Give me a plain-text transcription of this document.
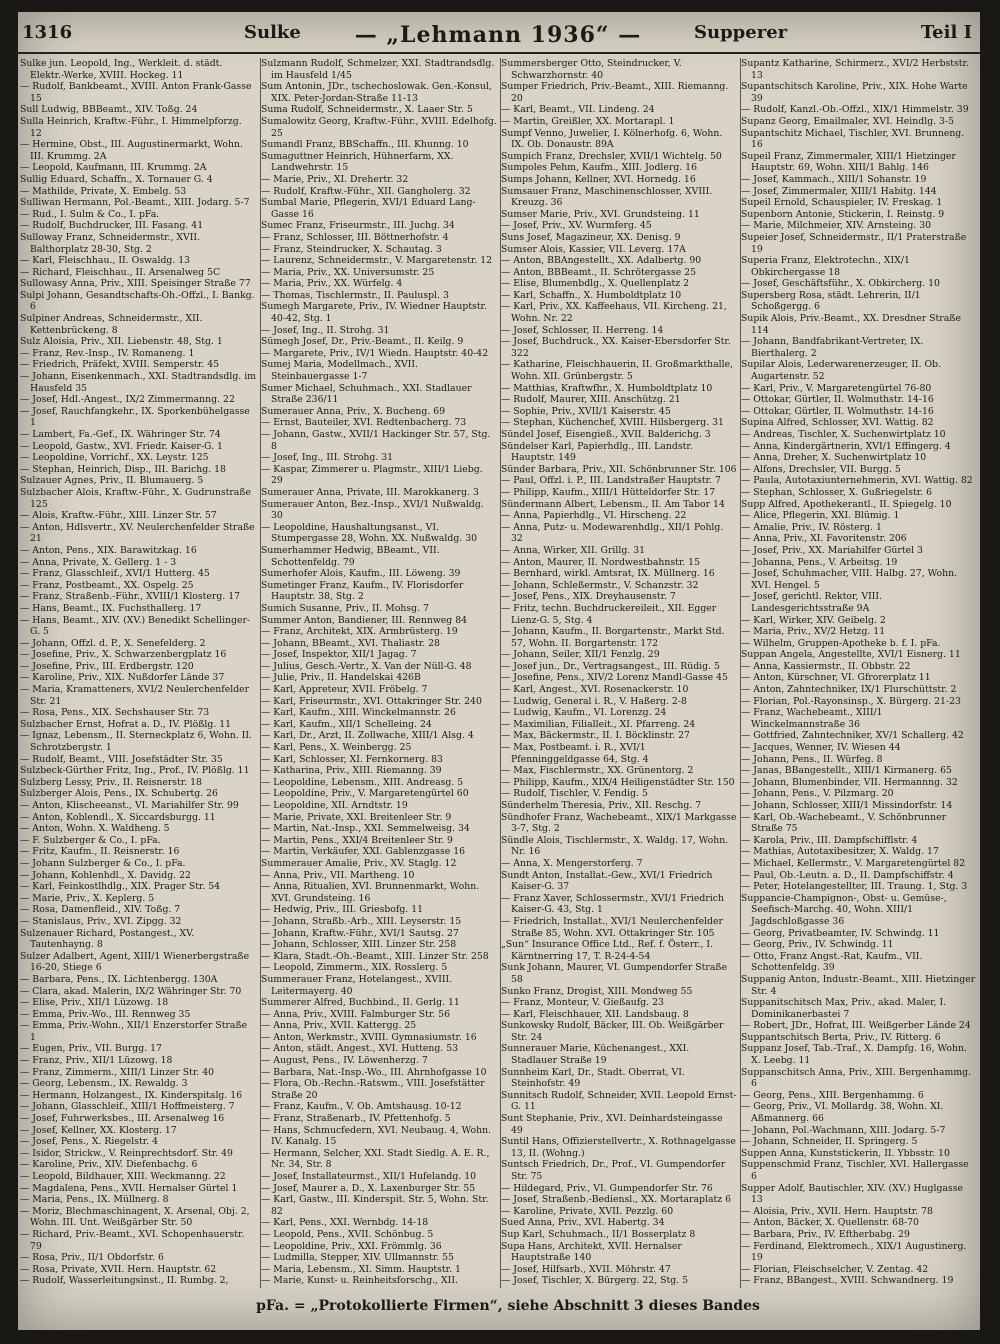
1316	Sulke	— „Lehmann 1936“ —	Supperer	Teil I
Sulke jun. Leopold, Ing., Werkleit. d. städt. Elektr.-Werke, XVIII. Hockeg. 11
— Rudolf, Bankbeamt., XVIII. Anton Frank-Gasse 15
Sull Ludwig, BBBeamt., XIV. Toßg. 24
Sulla Heinrich, Kraftw.-Führ., I. Himmelpforzg. 12
— Hermine, Obst., III. Augustinermarkt, Wohn. III. Krummg. 2A
— Leopold, Kaufmann, III. Krummg. 2A
Sullig Eduard, Schaffn., X. Tornauer G. 4
— Mathilde, Private, X. Embelg. 53
Sulliwan Hermann, Pol.-Beamt., XIII. Jodarg. 5-7
— Rud., I. Sulm & Co., I. pFa.
— Rudolf, Buchdrucker, III. Fasang. 41
Sulloway Franz, Schneidermstr., XVII. Balthorplatz 28-30, Stg. 2
— Karl, Fleischhau., II. Oswaldg. 13
— Richard, Fleischhau., II. Arsenalweg 5C
Sullowasy Anna, Priv., XIII. Speisinger Straße 77
Sulpi Johann, Gesandtschafts-Oh.-Offzl., I. Bankg. 6
Sulpiner Andreas, Schneidermstr., XII. Kettenbrückeng. 8
Sulz Aloisia, Priv., XII. Liebenstr. 48, Stg. 1
— Franz, Rev.-Insp., IV. Romaneng. 1
— Friedrich, Präfekt, XVIII. Semperstr. 45
— Johann, Eisenkenmach., XXI. Stadtrandsdlg. im Hausfeld 35
— Josef, Hdl.-Angest., IX/2 Zimmermanng. 22
— Josef, Rauchfangkehr., IX. Sporkenbühelgasse 1
— Lambert, Fa.-Gef., IX. Währinger Str. 74
— Leopold, Gastw., XVI. Friedr. Kaiser-G. 1
— Leopoldine, Vorrichf., XX. Leystr. 125
— Stephan, Heinrich, Disp., III. Barichg. 18
Sulzauer Agnes, Priv., II. Blumauerg. 5
Sulzbacher Alois, Kraftw.-Führ., X. Gudrunstraße 125
— Alois, Kraftw.-Führ., XIII. Linzer Str. 57
— Anton, Hdlsvertr., XV. Neulerchenfelder Straße 21
— Anton, Pens., XIX. Barawitzkag. 16
— Anna, Private, X. Gellerg. 1 - 3
— Franz, Glasschleif., XVI/1 Hutterg. 45
— Franz, Postbeamt., XX. Ospelg. 25
— Franz, Straßenb.-Führ., XVIII/1 Klosterg. 17
— Hans, Beamt., IX. Fuchsthallerg. 17
— Hans, Beamt., XIV. (XV.) Benedikt Schellinger-G. 5
— Johann, Offzl. d. P., X. Senefelderg. 2
— Josefine, Priv., X. Schwarzenbergplatz 16
— Josefine, Priv., III. Erdbergstr. 120
— Karoline, Priv., XIX. Nußdorfer Lände 37
— Maria, Kramatteners, XVI/2 Neulerchenfelder Str. 21
— Rosa, Pens., XIX. Sechshauser Str. 73
Sulzbacher Ernst, Hofrat a. D., IV. Plößlg. 11
— Ignaz, Lebensm., II. Sterneckplatz 6, Wohn. II. Schrotzbergstr. 1
— Rudolf, Beamt., VIII. Josefstädter Str. 35
Sulzbeck-Gürther Fritz, Ing., Prof., IV. Plößlg. 11
Sulzberg Lessy, Priv., II. Reisnerstr. 18
Sulzberger Alois, Pens., IX. Schubertg. 26
— Anton, Klischeeanst., VI. Mariahilfer Str. 99
— Anton, Koblendl., X. Siccardsburgg. 11
— Anton, Wohn. X. Waldheng. 5
— F. Sulzberger & Co., I. pFa.
— Fritz, Kaufm., II. Reisnerstr. 16
— Johann Sulzberger & Co., I. pFa.
— Johann, Kohlenhdl., X. Davidg. 22
— Karl, Feinkostlhdlg., XIX. Prager Str. 54
— Marie, Priv., X. Keplerg. 5
— Rosa, Damenfleid., XIV. Toßg. 7
— Stanislaus, Priv., XVI. Zipgg. 32
Sulzenauer Richard, Postangest., XV. Tautenhayng. 8
Sulzer Adalbert, Agent, XIII/1 Wienerbergstraße 16-20, Stiege 6
— Barbara, Pens., IX. Lichtenbergg. 130A
— Clara, akad. Malerin, IX/2 Währinger Str. 70
— Elise, Priv., XII/1 Lüzowg. 18
— Emma, Priv.-Wo., III. Rennweg 35
— Emma, Priv.-Wohn., XII/1 Enzerstorfer Straße 1
— Eugen, Priv., VII. Burgg. 17
— Franz, Priv., XII/1 Lüzowg. 18
— Franz, Zimmerm., XIII/1 Linzer Str. 40
— Georg, Lebensm., IX. Rewaldg. 3
— Hermann, Holzangest., IX. Kinderspitalg. 16
— Johann, Glasschleif., XIII/1 Hoffmeisterg. 7
— Josef, Fuhrwerksbes., III. Arsenalweg 16
— Josef, Kellner, XX. Klosterg. 17
— Josef, Pens., X. Riegelstr. 4
— Isidor, Strickw., V. Reinprechtsdorf. Str. 49
— Karoline, Priv., XIV. Diefenbachg. 6
— Leopold, Bildhauer, XIII. Weckmanng. 22
— Magdalena, Pens., XVII. Hernalser Gürtel 1
— Maria, Pens., IX. Müllnerg. 8
— Moriz, Blechmaschinagent, X. Arsenal, Obj. 2, Wohn. III. Unt. Weißgärber Str. 50
— Richard, Priv.-Beamt., XVI. Schopenhauerstr. 79
— Rosa, Priv., II/1 Obdorfstr. 6
— Rosa, Private, XVII. Hern. Hauptstr. 62
— Rudolf, Wasserleitungsinst., II. Rumbg. 2,
Sulzmann Rudolf, Schmelzer, XXI. Stadtrandsdlg. im Hausfeld 1/45
Sum Antonin, JDr., tschechoslowak. Gen.-Konsul, XIX. Peter-Jordan-Straße 11-13
Suma Rudolf, Schneidermstr., X. Laaer Str. 5
Sumalowitz Georg, Kraftw.-Führ., XVIII. Edelhofg. 25
Sumandl Franz, BBSchaffn., III. Khunng. 10
Sumaguttner Heinrich, Hühnerfarm, XX. Landwehrstr. 15
— Marie, Priv., XI. Drehertr. 32
— Rudolf, Kraftw.-Führ., XII. Gangholerg. 32
Sumbal Marie, Pflegerin, XVI/1 Eduard Lang-Gasse 16
Sumec Franz, Friseurmstr., III. Juchg. 34
— Franz, Schlosser, III. Böttnerhofstr. 4
— Franz, Steindrucker, X. Schautag. 3
— Laurenz, Schneidermstr., V. Margaretenstr. 12
— Maria, Priv., XX. Universumstr. 25
— Maria, Priv., XX. Würfelg. 4
— Thomas, Tischlermstr., II. Pauluspl. 3
Sumegh Margarete, Priv., IV. Wiedner Hauptstr. 40-42, Stg. 1
— Josef, Ing., II. Strohg. 31
Sümegh Josef, Dr., Priv.-Beamt., II. Keilg. 9
— Margarete, Priv., IV/1 Wiedn. Hauptstr. 40-42
Sumej Maria, Modellmach., XVII. Steinbauergasse 1-7
Sumer Michael, Schuhmach., XXI. Stadlauer Straße 236/11
Sumerauer Anna, Priv., X. Bucheng. 69
— Ernst, Bauteiler, XVI. Redtenbacherg. 73
— Johann, Gastw., XVII/1 Hackinger Str. 57, Stg. 8
— Josef, Ing., III. Strohg. 31
— Kaspar, Zimmerer u. Plagmstr., XIII/1 Liebg. 29
Sumerauer Anna, Private, III. Marokkanerg. 3
Sumerauer Anton, Bez.-Insp., XVI/1 Nußwaldg. 30
— Leopoldine, Haushaltungsanst., VI. Stumpergasse 28, Wohn. XX. Nußwaldg. 30
Sumerhammer Hedwig, BBeamt., VII. Schottenfeldg. 79
Sumerhofer Alois, Kaufm., III. Löweng. 39
Sumetinger Franz, Kaufm., IV. Florisdorfer Hauptstr. 38, Stg. 2
Sumich Susanne, Priv., II. Mohsg. 7
Summer Anton, Bandiener, III. Rennweg 84
— Franz, Architekt, XIX. Armbrüsterg. 19
— Johann, BBeamt., XVI. Thaliastr. 28
— Josef, Inspektor, XII/1 Jagag. 7
— Julius, Gesch.-Vertr., X. Van der Nüll-G. 48
— Julie, Priv., II. Handelskai 426B
— Karl, Appreteur, XVII. Fröbelg. 7
— Karl, Friseurmstr., XVI. Ottakringer Str. 240
— Karl, Kaufm., XIII. Winckelmannstr. 26
— Karl, Kaufm., XII/1 Schelleing. 24
— Karl, Dr., Arzt, II. Zollwache, XIII/1 Alsg. 4
— Karl, Pens., X. Weinbergg. 25
— Karl, Schlosser, XI. Fernkornerg. 83
— Katharina, Priv., XIII. Riemanng. 39
— Leopoldine, Lebensm., XIII. Andreasg. 5
— Leopoldine, Priv., V. Margaretengürtel 60
— Leopoldine, XII. Arndtstr. 19
— Marie, Private, XXI. Breitenleer Str. 9
— Martin, Nat.-Insp., XXI. Semmelweisg. 34
— Martin, Pens., XXI/4 Breitenleer Str. 9
— Martin, Verkäufer, XXI. Gablenzgasse 16
Summerauer Amalie, Priv., XV. Staglg. 12
— Anna, Priv., VII. Martheng. 10
— Anna, Ritualien, XVI. Brunnenmarkt, Wohn. XVI. Grundsteing. 16
— Hedwig, Priv., III. Griesbofg. 11
— Johann, Straßb.-Arb., XIII. Leyserstr. 15
— Johann, Kraftw.-Führ., XVI/1 Sautsg. 27
— Johann, Schlosser, XIII. Linzer Str. 258
— Klara, Stadt.-Oh.-Beamt., XIII. Linzer Str. 258
— Leopold, Zimmerm., XIX. Rosslerg. 5
Summerauer Franz, Hotelangest., XVIII. Leitermayerg. 40
Summerer Alfred, Buchbind., II. Gerlg. 11
— Anna, Priv., XVIII. Falmburger Str. 56
— Anna, Priv., XVII. Kattergg. 25
— Anton, Werkmstr., XVIII. Gymnasiumstr. 16
— Anton, städt. Angest., XVI. Hutteng. 53
— August, Pens., IV. Löwenherzg. 7
— Barbara, Nat.-Insp.-Wo., III. Ahrnhofgasse 10
— Flora, Ob.-Rechn.-Ratswm., VIII. Josefstätter Straße 20
— Franz, Kaufm., V. Ob. Amtshausg. 10-12
— Franz, Straßenarb., IV. Pfettenhofg. 5
— Hans, Schmucfedern, XVI. Neubaug. 4, Wohn. IV. Kanalg. 15
— Hermann, Selcher, XXI. Stadt Siedlg. A. E. R., Nr. 34, Str. 8
— Josef, Installateurmst., XII/1 Hufelandg. 10
— Josef, Maurer a. D., X. Laxenburger Str. 55
— Karl, Gastw., III. Kinderspit. Str. 5, Wohn. Str. 82
— Karl, Pens., XXI. Wernbdg. 14-18
— Leopold, Pens., XVII. Schönbug. 5
— Leopoldine, Priv., XXI. Frömmlg. 36
— Ludmilla, Stepper, XIV. Ullmannstr. 55
— Maria, Lebensm., XI. Simm. Hauptstr. 1
— Marie, Kunst- u. Reinheitsforschg., XII.
Summersberger Otto, Steindrucker, V. Schwarzhornstr. 40
Sumper Friedrich, Priv.-Beamt., XIII. Riemanng. 20
— Karl, Beamt., VII. Lindeng. 24
— Martin, Greißler, XX. Mortarapl. 1
Sumpf Venno, Juwelier, I. Kölnerhofg. 6, Wohn. IX. Ob. Donaustr. 89A
Sumpich Franz, Drechsler, XVII/1 Wichtelg. 50
Sumpoles Pehm, Kaufm., XIII. Jodlerg. 16
Sumps Johann, Kellner, XVI. Hornedg. 16
Sumsauer Franz, Maschinenschlosser, XVIII. Kreuzg. 36
Sumser Marie, Priv., XVI. Grundsteing. 11
— Josef, Priv., XV. Wurmferg. 45
Suns Josef, Magazineur, XX. Denisg. 9
Sumser Alois, Kassier, VII. Leverg. 17A
— Anton, BBAngestellt., XX. Adalbertg. 90
— Anton, BBBeamt., II. Schrötergasse 25
— Elise, Blumenbdlg., X. Quellenplatz 2
— Karl, Schaffn., X. Humboldtplatz 10
— Karl, Priv., XX. Kaffeehaus, VII. Kircheng. 21, Wohn. Nr. 22
— Josef, Schlosser, II. Herreng. 14
— Josef, Buchdruck., XX. Kaiser-Ebersdorfer Str. 322
— Katharine, Fleischhauerin, II. Großmarkthalle, Wohn. XII. Grünbergstr. 5
— Matthias, Kraftwfhr., X. Humboldtplatz 10
— Rudolf, Maurer, XIII. Anschützg. 21
— Sophie, Priv., XVII/1 Kaiserstr. 45
— Stephan, Küchenchef, XVIII. Hilsbergerg. 31
Sündel Josef, Eisengieß., XVII. Balderichg. 3
Sündelser Karl, Papierhdlg., III. Landstr. Hauptstr. 149
Sünder Barbara, Priv., XII. Schönbrunner Str. 106
— Paul, Offzl. i. P., III. Landstraßer Hauptstr. 7
— Philipp, Kaufm., XIII/1 Hütteldorfer Str. 17
Sündermann Albert, Lebensm., II. Am Tabor 14
— Anna, Papierhdlg., VI. Hirscheng. 22
— Anna, Putz- u. Modewarenhdlg., XII/1 Pohlg. 32
— Anna, Wirker, XII. Grillg. 31
— Anton, Maurer, II. Nordwestbahnstr. 15
— Bernhard, wirkl. Amtsrat, IX. Müllnerg. 16
— Johann, Schleßermstr., V. Schanzstr. 32
— Josef, Pens., XIX. Dreyhausenstr. 7
— Fritz, techn. Buchdruckereileit., XII. Egger Lienz-G. 5, Stg. 4
— Johann, Kaufm., II. Borgartenstr., Markt Std. 57, Wohn. II. Borgartenstr. 172
— Johann, Seiler, XII/1 Fenzlg. 29
— Josef jun., Dr., Vertragsangest., III. Rüdig. 5
— Josefine, Pens., XIV/2 Lorenz Mandl-Gasse 45
— Karl, Angest., XVI. Rosenackerstr. 10
— Ludwig, General i. R., V. Haßerg. 2-8
— Ludwig, Kaufm., VI. Lorenzg. 24
— Maximilian, Filialleit., XI. Pfarreng. 24
— Max, Bäckermstr., II. I. Böcklinstr. 27
— Max, Postbeamt. i. R., XVI/1 Pfenninggeldgasse 64, Stg. 4
— Max, Fischlermstr., XX. Grünentorg. 2
— Philipp, Kaufm., XIX/4 Heiligenstädter Str. 150
— Rudolf, Tischler, V. Fendig. 5
Sünderhelm Theresia, Priv., XII. Reschg. 7
Sündhofer Franz, Wachebeamt., XIX/1 Markgasse 3-7, Stg. 2
Sündle Alois, Tischlermstr., X. Waldg. 17, Wohn. Nr. 16
— Anna, X. Mengerstorferg. 7
Sundt Anton, Installat.-Gew., XVI/1 Friedrich Kaiser-G. 37
— Franz Xaver, Schlossermstr., XVI/1 Friedrich Kaiser-G. 43, Stg. 1
— Friedrich, Installat., XVI/1 Neulerchenfelder Straße 85, Wohn. XVI. Ottakringer Str. 105
„Sun“ Insurance Office Ltd., Ref. f. Österr., I. Kärntnerring 17, T. R-24-4-54
Sunk Johann, Maurer, VI. Gumpendorfer Straße 58
Sunko Franz, Drogist, XIII. Mondweg 55
— Franz, Monteur, V. Gießaufg. 23
— Karl, Fleischhauer, XII. Landsbaug. 8
Sunkowsky Rudolf, Bäcker, III. Ob. Weißgärber Str. 24
Sunnerauer Marie, Küchenangest., XXI. Stadlauer Straße 19
Sunnheim Karl, Dr., Stadt. Oberrat, VI. Steinhofstr. 49
Sunnitsch Rudolf, Schneider, XVII. Leopold Ernst-G. 11
Sunt Stephanie, Priv., XVI. Deinhardsteingasse 49
Suntil Hans, Offizierstellvertr., X. Rothnagelgasse 13, II. (Wohng.)
Suntsch Friedrich, Dr., Prof., VI. Gumpendorfer Str. 75
— Hildegard, Priv., VI. Gumpendorfer Str. 76
— Josef, Straßenb.-Bediensl., XX. Mortaraplatz 6
— Karoline, Private, XVII. Pezzlg. 60
Sued Anna, Priv., XVI. Habertg. 34
Sup Karl, Schuhmach., II/1 Bosserplatz 8
Supa Hans, Architekt, XVII. Hernalser Hauptstraße 140
— Josef, Hilfsarb., XVII. Möhrstr. 47
— Josef, Tischler, X. Bürgerg. 22, Stg. 5
Supantz Katharine, Schirmerz., XVI/2 Herbststr. 13
Supantschitsch Karoline, Priv., XIX. Hohe Warte 39
— Rudolf, Kanzl.-Ob.-Offzl., XIX/1 Himmelstr. 39
Supanz Georg, Emailmaler, XVI. Heindlg. 3-5
Supantschitz Michael, Tischler, XVI. Brunneng. 16
Supeil Franz, Zimmermaler, XIII/1 Hietzinger Hauptstr. 69, Wohn. XIII/1 Bahlg. 146
— Josef, Kammach., XIII/1 Sohanstr. 19
— Josef, Zimmermaler, XIII/1 Habitg. 144
Supeil Ernold, Schauspieler, IV. Freskag. 1
Supenborn Antonie, Stickerin, I. Reinstg. 9
— Marie, Milchmeier, XIV. Arnsteing. 30
Supeier Josef, Schneidermstr., II/1 Praterstraße 19
Superia Franz, Elektrotechn., XIX/1 Obkirchergasse 18
— Josef, Geschäftsführ., X. Obkircherg. 10
Supersberg Rosa, städt. Lehrerin, II/1 Schoßgergg. 6
Supik Alois, Priv.-Beamt., XX. Dresdner Straße 114
— Johann, Bandfabrikant-Vertreter, IX. Bierthalerg. 2
Supilar Alois, Lederwarenerzeuger, II. Ob. Augartenstr. 52
— Karl, Priv., V. Margaretengürtel 76-80
— Ottokar, Gürtler, II. Wolmuthstr. 14-16
— Ottokar, Gürtler, II. Wolmuthstr. 14-16
Supina Alfred, Schlosser, XVI. Wattig. 82
— Andreas, Tischler, X. Suchenwirtplatz 10
— Anna, Kindergärtnerin, XVI/1 Effingerg. 4
— Anna, Dreher, X. Suchenwirtplatz 10
— Alfons, Drechsler, VII. Burgg. 5
— Paula, Autotaxiunternehmerin, XVI. Wattig. 82
— Stephan, Schlosser, X. Gußriegelstr. 6
Supp Alfred, Apothekerantl., II. Spiegelg. 10
— Alice, Pflegerin, XXI. Blümig. 1
— Amalie, Priv., IV. Rösterg. 1
— Anna, Priv., XI. Favoritenstr. 206
— Josef, Priv., XX. Mariahilfer Gürtel 3
— Johanna, Pens., V. Arbeitsg. 19
— Josef, Schuhmacher, VIII. Halbg. 27, Wohn. XVI. Hengel. 5
— Josef, gerichtl. Rektor, VIII. Landesgerichtsstraße 9A
— Karl, Wirker, XIV. Geibelg. 2
— Maria, Priv., XV/2 Hetzg. 11
— Wilhelm, Gruppen-Apotheke b. f. I. pFa.
Suppan Angela, Angestellte, XVI/1 Eisnerg. 11
— Anna, Kassiermstr., II. Obbstr. 22
— Anton, Kürschner, VI. Gfrorerplatz 11
— Anton, Zahntechniker, IX/1 Flurschüttstr. 2
— Florian, Pol.-Rayonsinsp., X. Bürgerg. 21-23
— Franz, Wachebeamt., XIII/1 Winckelmannstraße 36
— Gottfried, Zahntechniker, XV/1 Schallerg. 42
— Jacques, Wenner, IV. Wiesen 44
— Johann, Pens., II. Würfeg. 8
— Janas, BBangestellt., XIII/1 Kirmanerg. 65
— Johann, Blumenbinder, VII. Hermannng. 32
— Johann, Pens., V. Pilzmarg. 20
— Johann, Schlosser, XIII/1 Missindorfstr. 14
— Karl, Ob.-Wachebeamt., V. Schönbrunner Straße 75
— Karola, Priv., III. Dampfschifflstr. 4
— Mathias, Autotaxibesitzer, X. Waldg. 17
— Michael, Kellermstr., V. Margaretengürtel 82
— Paul, Ob.-Leutn. a. D., II. Dampfschiffstr. 4
— Peter, Hotelangestellter, III. Traung. 1, Stg. 3
Suppancie-Champignon-, Obst- u. Gemüse-, Seefisch-Marchg. 40, Wohn. XIII/1 Jagdschloßgasse 36
— Georg, Privatbeamter, IV. Schwindg. 11
— Georg, Priv., IV. Schwindg. 11
— Otto, Franz Angst.-Rat, Kaufm., VII. Schottenfeldg. 39
Suppanig Anton, Industr.-Beamt., XIII. Hietzinger Str. 4
Suppanitschitsch Max, Priv., akad. Maler, I. Dominikanerbastei 7
— Robert, JDr., Hofrat, III. Weißgerber Lände 24
Suppantschitsch Berta, Priv., IV. Ritterg. 6
Suppanz Josef, Tab.-Traf., X. Dampfg. 16, Wohn. X. Leebg. 11
Suppanschitsch Anna, Priv., XIII. Bergenhammg. 6
— Georg, Pens., XIII. Bergenhammg. 6
— Georg, Priv., VI. Mollardg. 38, Wohn. XI. Aßmannerg. 66
— Johann, Pol.-Wachmann, XIII. Jodarg. 5-7
— Johann, Schneider, II. Springerg. 5
Suppen Anna, Kunststickerin, II. Ybbsstr. 10
Suppenschmid Franz, Tischler, XVI. Hallergasse 6
Supper Adolf, Bautischler, XIV. (XV.) Huglgasse 13
— Aloisia, Priv., XVII. Hern. Hauptstr. 78
— Anton, Bäcker, X. Quellenstr. 68-70
— Barbara, Priv., IV. Eftherbabg. 29
— Ferdinand, Elektromech., XIX/1 Augustinerg. 19
— Florian, Fleischselcher, V. Zentag. 42
— Franz, BBangest., XVIII. Schwandnerg. 19
pFa. = „Protokollierte Firmen“, siehe Abschnitt 3 dieses Bandes
